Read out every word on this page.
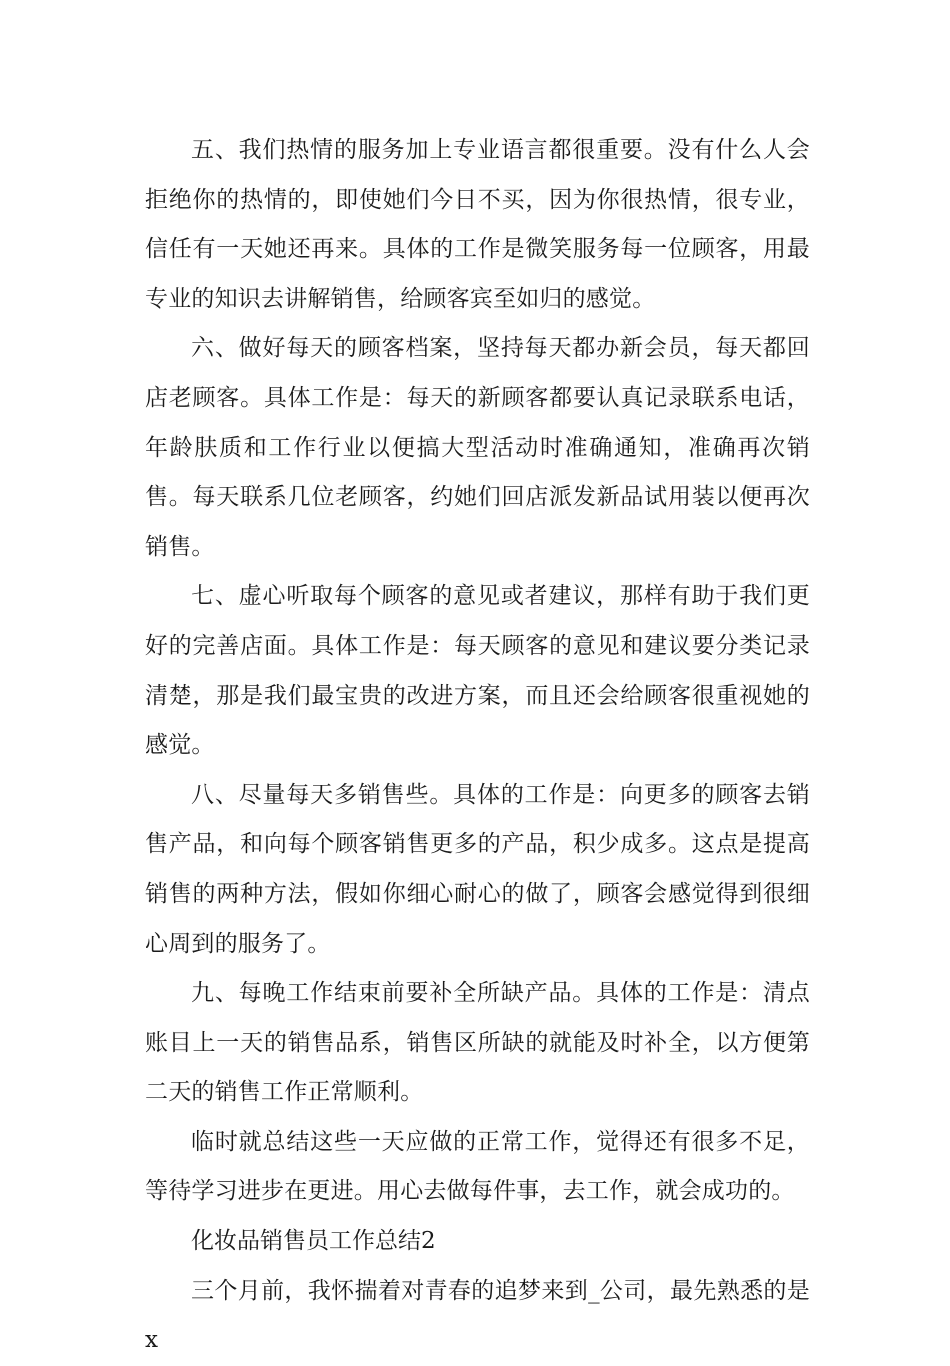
五、我们热情的服务加上专业语言都很重要。没有什么人会拒绝你的热情的，即使她们今日不买，因为你很热情，很专业，信任有一天她还再来。具体的工作是微笑服务每一位顾客，用最专业的知识去讲解销售，给顾客宾至如归的感觉。

六、做好每天的顾客档案，坚持每天都办新会员，每天都回店老顾客。具体工作是：每天的新顾客都要认真记录联系电话，年龄肤质和工作行业以便搞大型活动时准确通知，准确再次销售。每天联系几位老顾客，约她们回店派发新品试用装以便再次销售。

七、虚心听取每个顾客的意见或者建议，那样有助于我们更好的完善店面。具体工作是：每天顾客的意见和建议要分类记录清楚，那是我们最宝贵的改进方案，而且还会给顾客很重视她的感觉。

八、尽量每天多销售些。具体的工作是：向更多的顾客去销售产品，和向每个顾客销售更多的产品，积少成多。这点是提高销售的两种方法，假如你细心耐心的做了，顾客会感觉得到很细心周到的服务了。

九、每晚工作结束前要补全所缺产品。具体的工作是：清点账目上一天的销售品系，销售区所缺的就能及时补全，以方便第二天的销售工作正常顺利。

临时就总结这些一天应做的正常工作，觉得还有很多不足，等待学习进步在更进。用心去做每件事，去工作，就会成功的。

化妆品销售员工作总结2

三个月前，我怀揣着对青春的追梦来到_公司，最先熟悉的是x
